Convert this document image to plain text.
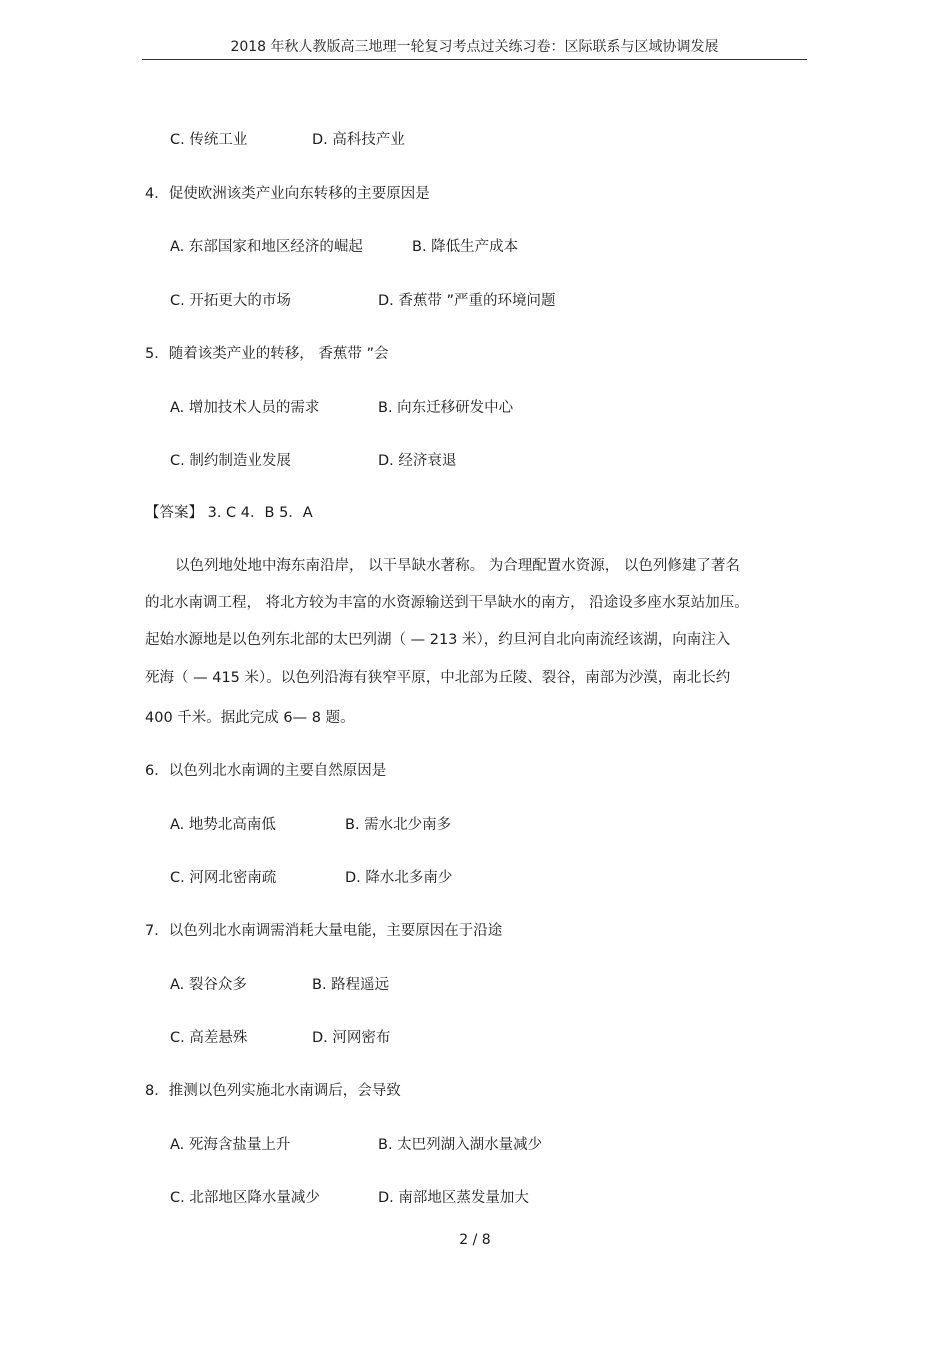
2018 年秋人教版高三地理一轮复习考点过关练习卷：区际联系与区域协调发展
C. 传统工业	D. 高科技产业
4．促使欧洲该类产业向东转移的主要原因是
A. 东部国家和地区经济的崛起	B. 降低生产成本
C. 开拓更大的市场	D. 香蕉带 ”严重的环境问题
5．随着该类产业的转移， 香蕉带 ”会
A. 增加技术人员的需求	B. 向东迁移研发中心
C. 制约制造业发展	D. 经济衰退
【答案】 3. C 4．B 5．A
以色列地处地中海东南沿岸， 以干旱缺水著称。 为合理配置水资源， 以色列修建了著名
的北水南调工程， 将北方较为丰富的水资源输送到干旱缺水的南方， 沿途设多座水泵站加压。
起始水源地是以色列东北部的太巴列湖（ — 213 米），约旦河自北向南流经该湖，向南注入
死海（ — 415 米）。以色列沿海有狭窄平原，中北部为丘陵、裂谷，南部为沙漠，南北长约
400 千米。据此完成 6— 8 题。
6．以色列北水南调的主要自然原因是
A. 地势北高南低	B. 需水北少南多
C. 河网北密南疏	D. 降水北多南少
7．以色列北水南调需消耗大量电能，主要原因在于沿途
A. 裂谷众多	B. 路程遥远
C. 高差悬殊	D. 河网密布
8．推测以色列实施北水南调后，会导致
A. 死海含盐量上升	B. 太巴列湖入湖水量减少
C. 北部地区降水量减少	D. 南部地区蒸发量加大
2 / 8
